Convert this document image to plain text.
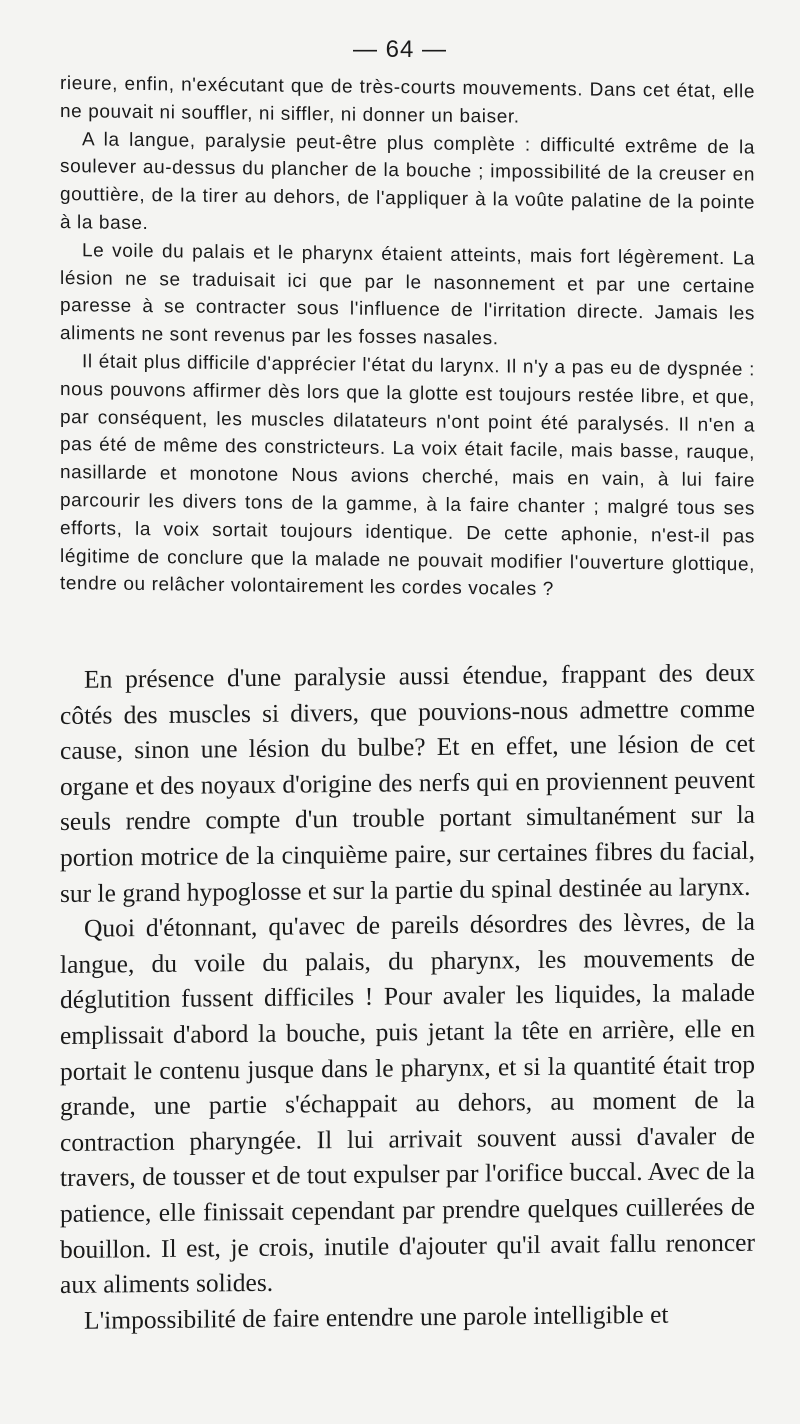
— 64 —

rieure, enfin, n'exécutant que de très-courts mouvements. Dans cet état, elle ne pouvait ni souffler, ni siffler, ni donner un baiser.

A la langue, paralysie peut-être plus complète : difficulté extrême de la soulever au-dessus du plancher de la bouche ; impossibilité de la creuser en gouttière, de la tirer au dehors, de l'appliquer à la voûte palatine de la pointe à la base.

Le voile du palais et le pharynx étaient atteints, mais fort légèrement. La lésion ne se traduisait ici que par le nasonnement et par une certaine paresse à se contracter sous l'influence de l'irritation directe. Jamais les aliments ne sont revenus par les fosses nasales.

Il était plus difficile d'apprécier l'état du larynx. Il n'y a pas eu de dyspnée : nous pouvons affirmer dès lors que la glotte est toujours restée libre, et que, par conséquent, les muscles dilatateurs n'ont point été paralysés. Il n'en a pas été de même des constricteurs. La voix était facile, mais basse, rauque, nasillarde et monotone Nous avions cherché, mais en vain, à lui faire parcourir les divers tons de la gamme, à la faire chanter ; malgré tous ses efforts, la voix sortait toujours identique. De cette aphonie, n'est-il pas légitime de conclure que la malade ne pouvait modifier l'ouverture glottique, tendre ou relâcher volontairement les cordes vocales ?

En présence d'une paralysie aussi étendue, frappant des deux côtés des muscles si divers, que pouvions-nous admettre comme cause, sinon une lésion du bulbe? Et en effet, une lésion de cet organe et des noyaux d'origine des nerfs qui en proviennent peuvent seuls rendre compte d'un trouble portant simultanément sur la portion motrice de la cinquième paire, sur certaines fibres du facial, sur le grand hypoglosse et sur la partie du spinal destinée au larynx.

Quoi d'étonnant, qu'avec de pareils désordres des lèvres, de la langue, du voile du palais, du pharynx, les mouvements de déglutition fussent difficiles ! Pour avaler les liquides, la malade emplissait d'abord la bouche, puis jetant la tête en arrière, elle en portait le contenu jusque dans le pharynx, et si la quantité était trop grande, une partie s'échappait au dehors, au moment de la contraction pharyngée. Il lui arrivait souvent aussi d'avaler de travers, de tousser et de tout expulser par l'orifice buccal. Avec de la patience, elle finissait cependant par prendre quelques cuillerées de bouillon. Il est, je crois, inutile d'ajouter qu'il avait fallu renoncer aux aliments solides.

L'impossibilité de faire entendre une parole intelligible et
